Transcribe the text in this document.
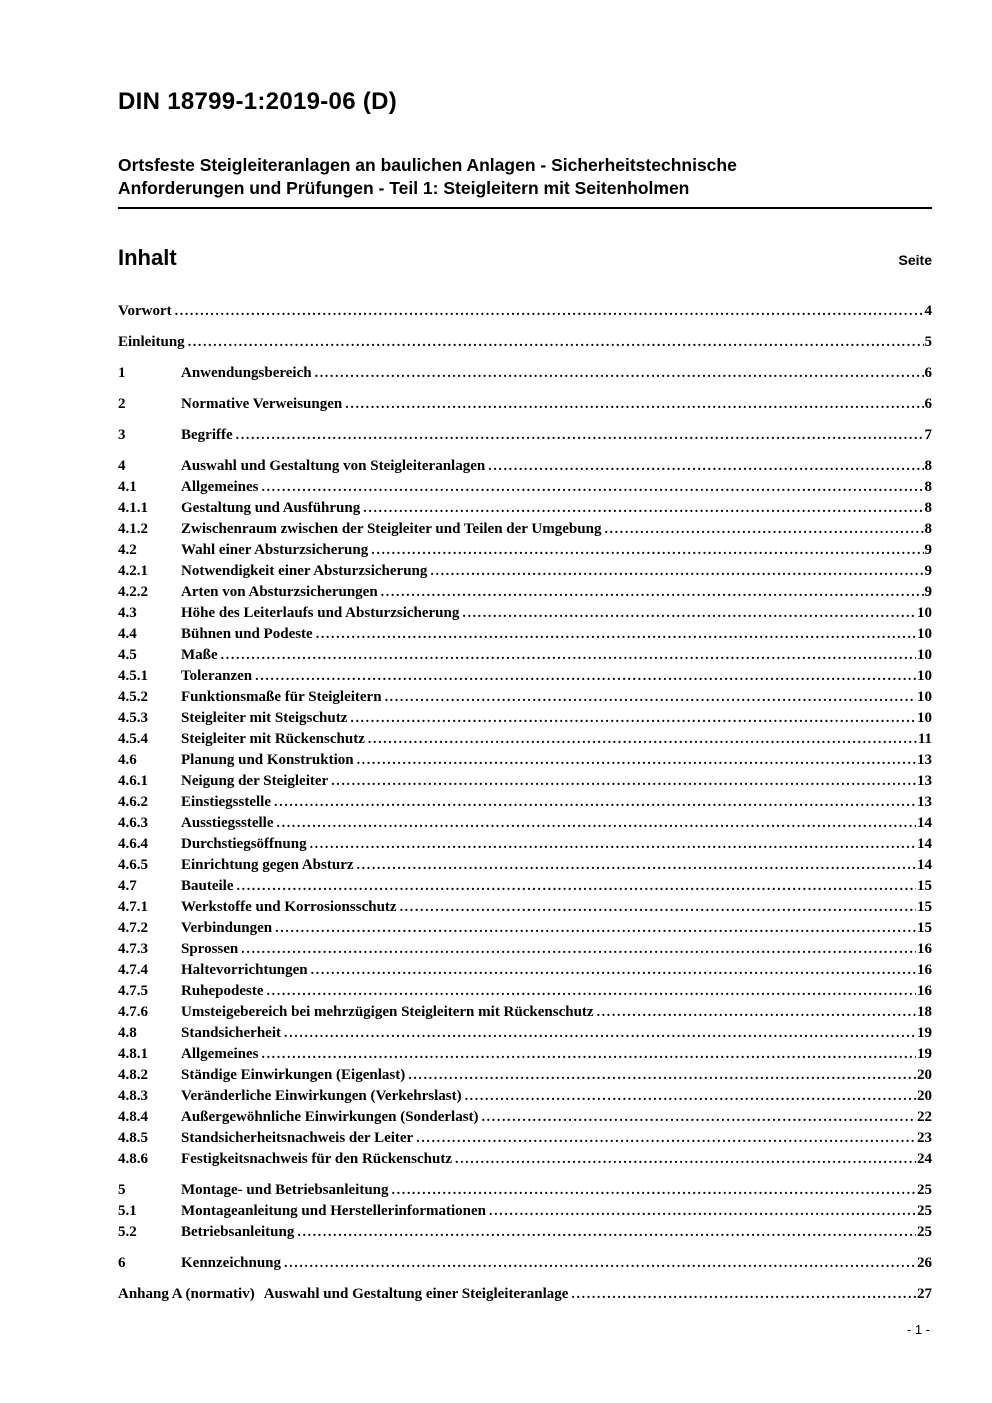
DIN 18799-1:2019-06 (D)
Ortsfeste Steigleiteranlagen an baulichen Anlagen - Sicherheitstechnische
Anforderungen und Prüfungen - Teil 1: Steigleitern mit Seitenholmen
Inhalt	Seite
Vorwort .....	4
Einleitung .....	5
1	Anwendungsbereich .....	6
2	Normative Verweisungen .....	6
3	Begriffe .....	7
4	Auswahl und Gestaltung von Steigleiteranlagen .....	8
4.1	Allgemeines .....	8
4.1.1	Gestaltung und Ausführung .....	8
4.1.2	Zwischenraum zwischen der Steigleiter und Teilen der Umgebung .....	8
4.2	Wahl einer Absturzsicherung .....	9
4.2.1	Notwendigkeit einer Absturzsicherung .....	9
4.2.2	Arten von Absturzsicherungen .....	9
4.3	Höhe des Leiterlaufs und Absturzsicherung .....	10
4.4	Bühnen und Podeste .....	10
4.5	Maße .....	10
4.5.1	Toleranzen .....	10
4.5.2	Funktionsmaße für Steigleitern .....	10
4.5.3	Steigleiter mit Steigschutz .....	10
4.5.4	Steigleiter mit Rückenschutz .....	11
4.6	Planung und Konstruktion .....	13
4.6.1	Neigung der Steigleiter .....	13
4.6.2	Einstiegsstelle .....	13
4.6.3	Ausstiegsstelle .....	14
4.6.4	Durchstiegsöffnung .....	14
4.6.5	Einrichtung gegen Absturz .....	14
4.7	Bauteile .....	15
4.7.1	Werkstoffe und Korrosionsschutz .....	15
4.7.2	Verbindungen .....	15
4.7.3	Sprossen .....	16
4.7.4	Haltevorrichtungen .....	16
4.7.5	Ruhepodeste .....	16
4.7.6	Umsteigebereich bei mehrzügigen Steigleitern mit Rückenschutz .....	18
4.8	Standsicherheit .....	19
4.8.1	Allgemeines .....	19
4.8.2	Ständige Einwirkungen (Eigenlast) .....	20
4.8.3	Veränderliche Einwirkungen (Verkehrslast) .....	20
4.8.4	Außergewöhnliche Einwirkungen (Sonderlast) .....	22
4.8.5	Standsicherheitsnachweis der Leiter .....	23
4.8.6	Festigkeitsnachweis für den Rückenschutz .....	24
5	Montage- und Betriebsanleitung .....	25
5.1	Montageanleitung und Herstellerinformationen .....	25
5.2	Betriebsanleitung .....	25
6	Kennzeichnung .....	26
Anhang A (normativ) Auswahl und Gestaltung einer Steigleiteranlage .....	27
- 1 -
